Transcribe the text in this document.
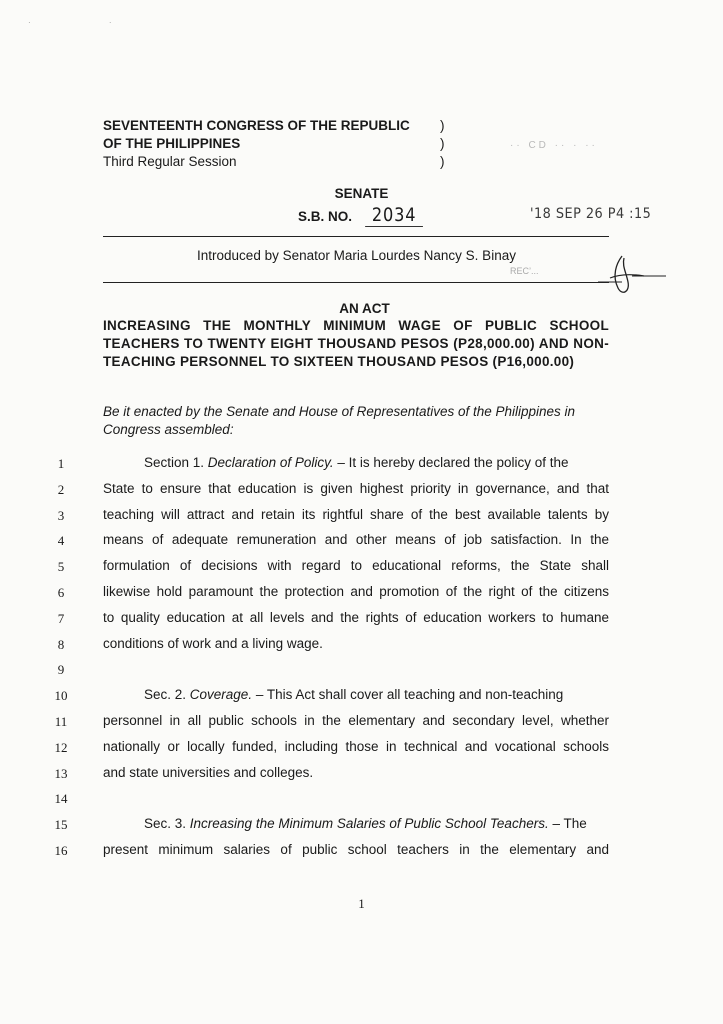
· ·
SEVENTEENTH CONGRESS OF THE REPUBLIC
OF THE PHILIPPINES
Third Regular Session
)
)
)
·· CD ·· · ··
SENATE
S.B. NO. 2034	'18 SEP 26 P4 :15
Introduced by Senator Maria Lourdes Nancy S. Binay
REC’...
AN ACT
INCREASING THE MONTHLY MINIMUM WAGE OF PUBLIC SCHOOL TEACHERS TO TWENTY EIGHT THOUSAND PESOS (P28,000.00) AND NON-TEACHING PERSONNEL TO SIXTEEN THOUSAND PESOS (P16,000.00)
Be it enacted by the Senate and House of Representatives of the Philippines in Congress assembled:
1	Section 1. Declaration of Policy. – It is hereby declared the policy of the
2	State to ensure that education is given highest priority in governance, and that
3	teaching will attract and retain its rightful share of the best available talents by
4	means of adequate remuneration and other means of job satisfaction. In the
5	formulation of decisions with regard to educational reforms, the State shall
6	likewise hold paramount the protection and promotion of the right of the citizens
7	to quality education at all levels and the rights of education workers to humane
8	conditions of work and a living wage.
9
10	Sec. 2. Coverage. – This Act shall cover all teaching and non-teaching
11	personnel in all public schools in the elementary and secondary level, whether
12	nationally or locally funded, including those in technical and vocational schools
13	and state universities and colleges.
14
15	Sec. 3. Increasing the Minimum Salaries of Public School Teachers. – The
16	present minimum salaries of public school teachers in the elementary and
1
